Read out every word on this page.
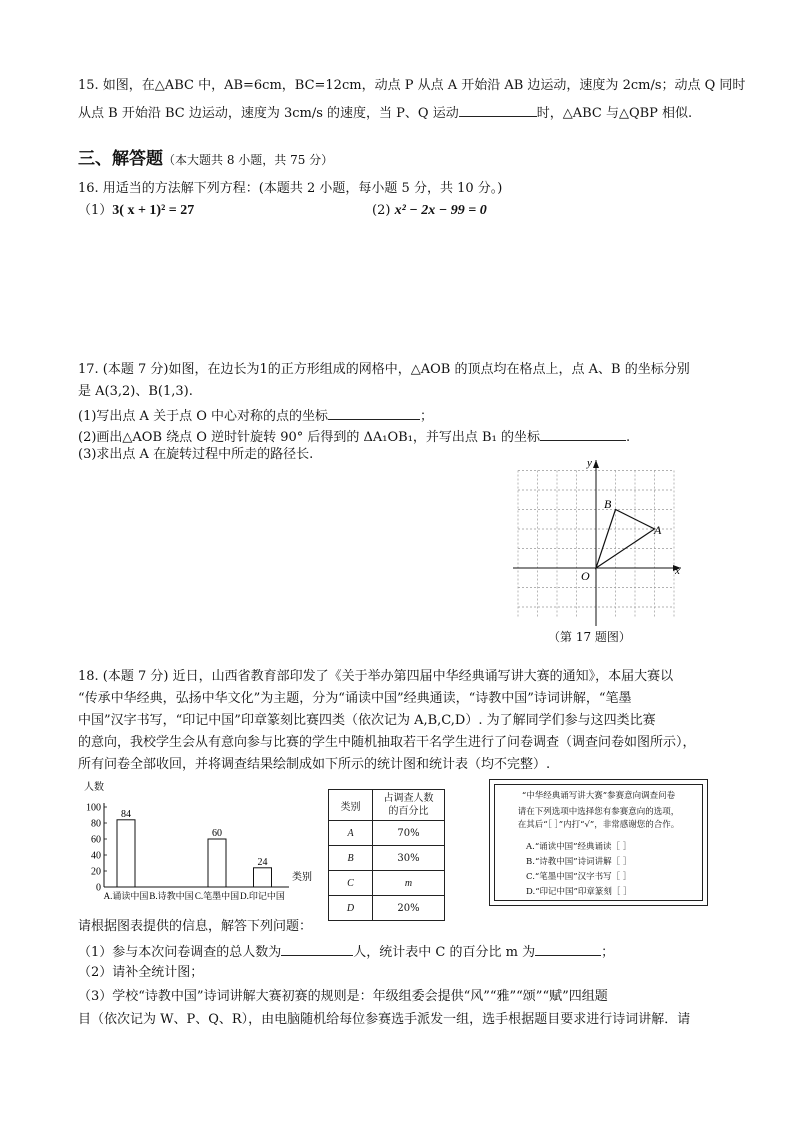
15. 如图，在△ABC 中，AB=6cm，BC=12cm，动点 P 从点 A 开始沿 AB 边运动，速度为 2cm/s；动点 Q 同时
从点 B 开始沿 BC 边运动，速度为 3cm/s 的速度，当 P、Q 运动	时，△ABC 与△QBP 相似.
三、解答题（本大题共 8 小题，共 75 分）
16. 用适当的方法解下列方程：(本题共 2 小题，每小题 5 分，共 10 分。)
（1）3( x + 1)² = 27	(2) x² − 2x − 99 = 0
17. (本题 7 分)如图，在边长为1的正方形组成的网格中，△AOB 的顶点均在格点上，点 A、B 的坐标分别
是 A(3,2)、B(1,3).
(1)写出点 A 关于点 O 中心对称的点的坐标	；
(2)画出△AOB 绕点 O 逆时针旋转 90° 后得到的 ΔA₁OB₁，并写出点 B₁ 的坐标	.
(3)求出点 A 在旋转过程中所走的路径长.
y
x
O
A
B
（第 17 题图）
18. (本题 7 分) 近日，山西省教育部印发了《关于举办第四届中华经典诵写讲大赛的通知》，本届大赛以
“传承中华经典，弘扬中华文化”为主题，分为“诵读中国”经典通读，“诗教中国”诗词讲解，“笔墨
中国”汉字书写，“印记中国”印章篆刻比赛四类（依次记为 A,B,C,D）. 为了解同学们参与这四类比赛
的意向，我校学生会从有意向参与比赛的学生中随机抽取若干名学生进行了问卷调查（调查问卷如图所示），
所有问卷全部收回，并将调查结果绘制成如下所示的统计图和统计表（均不完整）.
0
20
40
60
80
100
84
60
24
A.诵读中国 B.诗教中国 C.笔墨中国 D.印记中国
人数
类别
类别	占调查人数
的百分比

A	70%
B	30%
C	m
D	20%
“中华经典诵写讲大赛”参赛意向调查问卷
请在下列选项中选择您有参赛意向的选项，
在其后“［ ］”内打“√”，非常感谢您的合作。
A.“诵读中国”经典诵读［ ］
B.“诗教中国”诗词讲解［ ］
C.“笔墨中国”汉字书写［ ］
D.“印记中国”印章篆刻［ ］
请根据图表提供的信息，解答下列问题：
（1）参与本次问卷调查的总人数为	人，统计表中 C 的百分比 m 为	；
（2）请补全统计图；
（3）学校“诗教中国”诗词讲解大赛初赛的规则是：年级组委会提供“风”“雅”“颂”“赋”四组题
目（依次记为 W、P、Q、R），由电脑随机给每位参赛选手派发一组，选手根据题目要求进行诗词讲解．请
